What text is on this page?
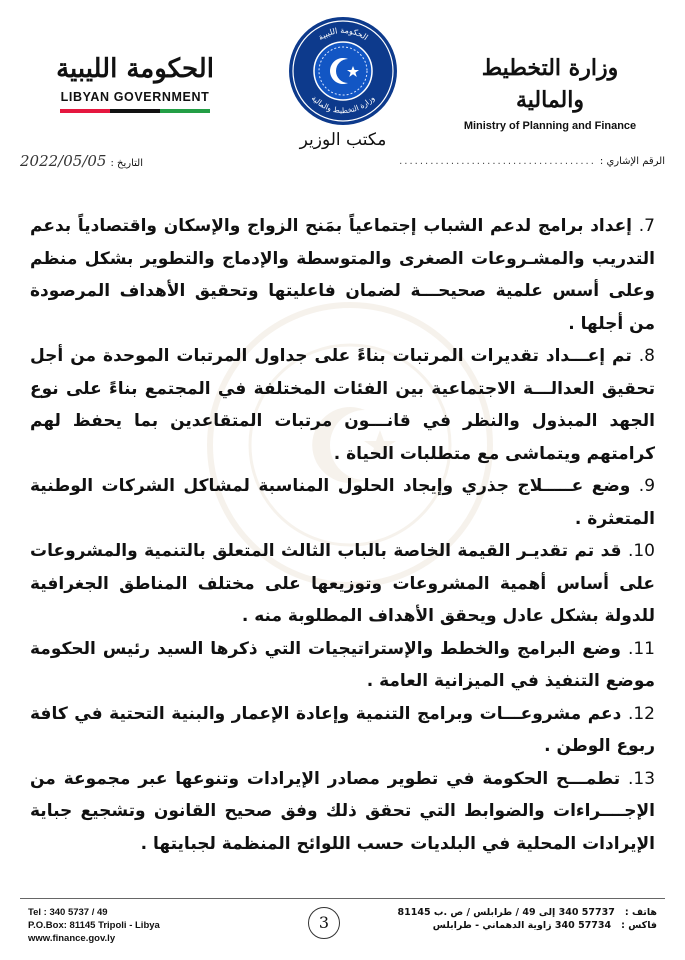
الحكومة الليبية
LIBYAN GOVERNMENT
الحكومة الليبية
وزارة التخطيط والمالية
مكتب الوزير
وزارة التخطيط والمالية
Ministry of Planning and Finance
الرقم الإشاري :
......................................
التاريخ :
2022/05/05

7. إعداد برامج لدعم الشباب إجتماعياً بمَنح الزواج والإسكان واقتصادياً بدعم التدريب والمشـروعات الصغرى والمتوسطة والإدماج والتطوير بشكل منظم وعلى أسس علمية صحيحـــة لضمان فاعليتها وتحقيق الأهداف المرصودة من أجلها .

8. تم إعـــداد تقديرات المرتبات بناءً على جداول المرتبات الموحدة من أجل تحقيق العدالـــة الاجتماعية بين الفئات المختلفة في المجتمع بناءً على نوع الجهد المبذول والنظر في قانـــون مرتبات المتقاعدين بما يحفظ لهم كرامتهم ويتماشى مع متطلبات الحياة .

9. وضع عـــــلاج جذري وإيجاد الحلول المناسبة لمشاكل الشركات الوطنية المتعثرة .

10. قد تم تقديـر القيمة الخاصة بالباب الثالث المتعلق بالتنمية والمشروعات على أساس أهمية المشروعات وتوزيعها على مختلف المناطق الجغرافية للدولة بشكل عادل ويحقق الأهداف المطلوبة منه .

11. وضع البرامج والخطط والإستراتيجيات التي ذكرها السيد رئيس الحكومة موضع التنفيذ في الميزانية العامة .

12. دعم مشروعـــات وبرامج التنمية وإعادة الإعمار والبنية التحتية في كافة ربوع الوطن .

13. تطمـــح الحكومة في تطوير مصادر الإيرادات وتنوعها عبر مجموعة من الإجــــراءات والضوابط التي تحقق ذلك وفق صحيح القانون وتشجيع جباية الإيرادات المحلية في البلديات حسب اللوائح المنظمة لجبايتها .

Tel : 340 5737 / 49
P.O.Box: 81145 Tripoli - Libya
www.finance.gov.ly
3
هاتف :
57737 340 إلى 49 / طرابلس / ص .ب 81145
فاكس :
57734 340 زاوية الدهماني - طرابلس
